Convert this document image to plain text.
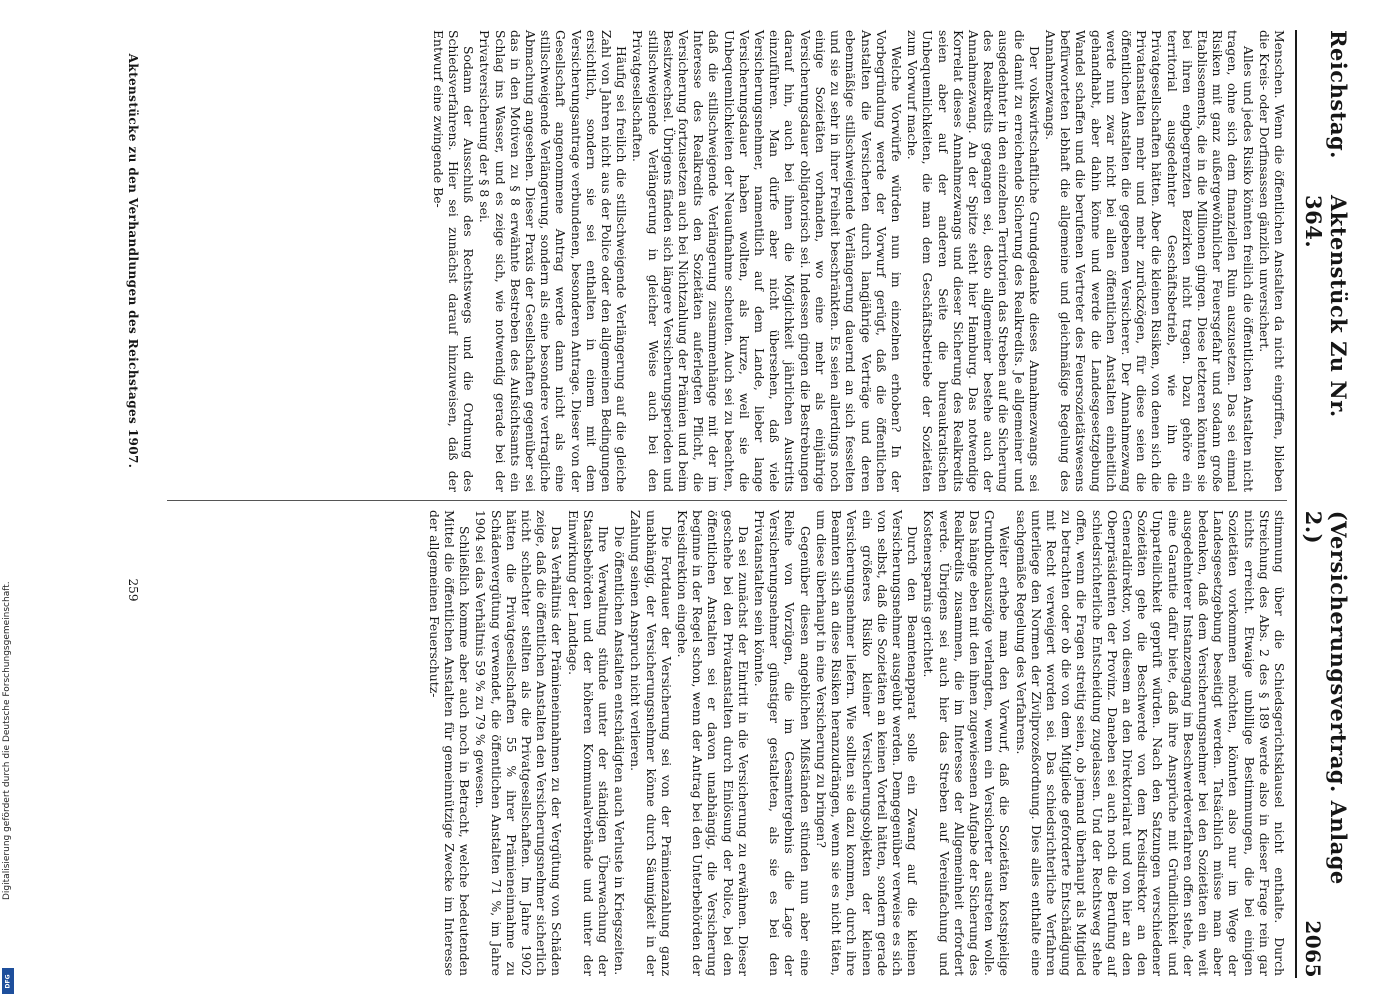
Digitalisierung gefördert durch die Deutsche Forschungsgemeinschaft.
DFG
Reichstag.
Aktenstück Zu Nr. 364.
(Versicherungsvertrag. Anlage 2.)
2065

Menschen. Wenn die öffentlichen Anstalten da nicht eingriffen, blieben die Kreis- oder Dorfinsassen gänzlich unversichert.

Alles und jedes Risiko könnten freilich die öffentlichen Anstalten nicht tragen, ohne sich dem finanziellen Ruin auszusetzen. Das sei einmal Risiken mit ganz außergewöhnlicher Feuersgefahr und sodann große Etablissements, die in die Millionen gingen. Diese letzteren könnten sie bei ihren engbegrenzten Bezirken nicht tragen. Dazu gehöre ein territorial ausgedehnter Geschäftsbetrieb, wie ihn die Privatgesellschaften hätten. Aber die kleinen Risiken, von denen sich die Privatanstalten mehr und mehr zurückzögen, für diese seien die öffentlichen Anstalten die gegebenen Versicherer. Der Annahmezwang werde nun zwar nicht bei allen öffentlichen Anstalten einheitlich gehandhabt, aber dahin könne und werde die Landesgesetzgebung Wandel schaffen und die berufenen Vertreter des Feuersozietätswesens befürworteten lebhaft die allgemeine und gleichmäßige Regelung des Annahmezwangs.

Der volkswirtschaftliche Grundgedanke dieses Annahmezwangs sei die damit zu erreichende Sicherung des Realkredits. Je allgemeiner und ausgedehnter in den einzelnen Territorien das Streben auf die Sicherung des Realkredits gegangen sei, desto allgemeiner bestehe auch der Annahmezwang. An der Spitze steht hier Hamburg. Das notwendige Korrelat dieses Annahmezwangs und dieser Sicherung des Realkredits seien aber auf der anderen Seite die bureaukratischen Unbequemlichkeiten, die man dem Geschäftsbetriebe der Sozietäten zum Vorwurf mache.

Welche Vorwürfe würden nun im einzelnen erhoben? In der Vorbegründung werde der Vorwurf gerügt, daß die öffentlichen Anstalten die Versicherten durch langjährige Verträge und deren ebenmäßige stillschweigende Verlängerung dauernd an sich fesselten und sie zu sehr in ihrer Freiheit beschränkten. Es seien allerdings noch einige Sozietäten vorhanden, wo eine mehr als einjährige Versicherungsdauer obligatorisch sei. Indessen gingen die Bestrebungen darauf hin, auch bei ihnen die Möglichkeit jährlichen Austritts einzuführen. Man dürfe aber nicht übersehen, daß viele Versicherungsnehmer, namentlich auf dem Lande, lieber lange Versicherungsdauer haben wollten, als kurze, weil sie die Unbequemlichkeiten der Neuaufnahme scheuten. Auch sei zu beachten, daß die stillschweigende Verlängerung zusammenhänge mit der im Interesse des Realkredits den Sozietäten auferlegten Pflicht, die Versicherung fortzusetzen auch bei Nichtzahlung der Prämien und beim Besitzwechsel. Übrigens fänden sich längere Versicherungsperioden und stillschweigende Verlängerung in gleicher Weise auch bei den Privatgesellschaften.

Häufig sei freilich die stillschweigende Verlängerung auf die gleiche Zahl von Jahren nicht aus der Police oder den allgemeinen Bedingungen ersichtlich, sondern sie sei enthalten in einem mit dem Versicherungsantrage verbundenen, besonderen Antrage. Dieser von der Gesellschaft angenommene Antrag werde dann nicht als eine stillschweigende Verlängerung, sondern als eine besondere vertragliche Abmachung angesehen. Dieser Praxis der Gesellschaften gegenüber sei das in den Motiven zu § 8 erwähnte Bestreben des Aufsichtsamts ein Schlag ins Wasser, und es zeige sich, wie notwendig gerade bei der Privatversicherung der § 8 sei.

Sodann der Ausschluß des Rechtswegs und die Ordnung des Schiedsverfahrens. Hier sei zunächst darauf hinzuweisen, daß der Entwurf eine zwingende Be-

stimmung über die Schiedsgerichtsklausel nicht enthalte. Durch Streichung des Abs. 2 des § 189 werde also in dieser Frage rein gar nichts erreicht. Etwaige unbillige Bestimmungen, die bei einigen Sozietäten vorkommen möchten, könnten also nur im Wege der Landesgesetzgebung beseitigt werden. Tatsächlich müsse man aber bedenken, daß dem Versicherungsnehmer bei den Sozietäten ein weit ausgedehnterer Instanzengang im Beschwerdeverfahren offen stehe, der eine Garantie dafür biete, daß ihre Ansprüche mit Gründlichkeit und Unparteilichkeit geprüft würden. Nach den Satzungen verschiedener Sozietäten gehe die Beschwerde von dem Kreisdirektor an den Generaldirektor, von diesem an den Direktorialrat und von hier an den Oberpräsidenten der Provinz. Daneben sei auch noch die Berufung auf schiedsrichterliche Entscheidung zugelassen. Und der Rechtsweg stehe offen, wenn die Fragen streitig seien, ob jemand überhaupt als Mitglied zu betrachten oder ob die von dem Mitgliede geforderte Entschädigung mit Recht verweigert worden sei. Das schiedsrichterliche Verfahren unterliege den Normen der Zivilprozeßordnung. Dies alles enthalte eine sachgemäße Regelung des Verfahrens.

Weiter erhebe man den Vorwurf, daß die Sozietäten kostspielige Grundbuchauszüge verlangten, wenn ein Versicherter austreten wolle. Das hänge eben mit den ihnen zugewiesenen Aufgabe der Sicherung des Realkredits zusammen, die im Interesse der Allgemeinheit erfordert werde. Übrigens sei auch hier das Streben auf Vereinfachung und Kostenersparnis gerichtet.

Durch den Beamtenapparat solle ein Zwang auf die kleinen Versicherungsnehmer ausgeübt werden. Demgegenüber verweise es sich von selbst, daß die Sozietäten an keinen Vorteil hätten, sondern gerade ein größeres Risiko kleiner Versicherungsobjekten der kleinen Versicherungsnehmer liefern. Wie sollten sie dazu kommen, durch ihre Beamten sich an diese Risiken heranzudrängen, wenn sie es nicht täten, um diese überhaupt in eine Versicherung zu bringen?

Gegenüber diesen angeblichen Mißständen stünden nun aber eine Reihe von Vorzügen, die im Gesamtergebnis die Lage der Versicherungsnehmer günstiger gestalteten, als sie es bei den Privatanstalten sein könnte.

Da sei zunächst der Eintritt in die Versicherung zu erwähnen. Dieser geschehe bei den Privatanstalten durch Einlösung der Police, bei den öffentlichen Anstalten sei er davon unabhängig, die Versicherung beginne in der Regel schon, wenn der Antrag bei den Unterbehörden der Kreisdirektion eingehe.

Die Fortdauer der Versicherung sei von der Prämienzahlung ganz unabhängig, der Versicherungsnehmer könne durch Säumigkeit in der Zahlung seinen Anspruch nicht verlieren.

Die öffentlichen Anstalten entschädigten auch Verluste in Kriegszeiten.

Ihre Verwaltung stünde unter der ständigen Überwachung der Staatsbehörden und der höheren Kommunalverbände und unter der Einwirkung der Landtage.

Das Verhältnis der Prämieneinnahmen zu der Vergütung von Schäden zeige, daß die öffentlichen Anstalten den Versicherungsnehmer sicherlich nicht schlechter stellten als die Privatgesellschaften. Im Jahre 1902 hätten die Privatgesellschaften 55 % ihrer Prämieneinnahme zu Schädenvergütung verwendet, die öffentlichen Anstalten 71 %, im Jahre 1904 sei das Verhältnis 59 % zu 79 % gewesen.

Schließlich komme aber auch noch in Betracht, welche bedeutenden Mittel die öffentlichen Anstalten für gemeinnützige Zwecke im Interesse der allgemeinen Feuerschutz-

Aktenstücke zu den Verhandlungen des Reichstages 1907.
259
